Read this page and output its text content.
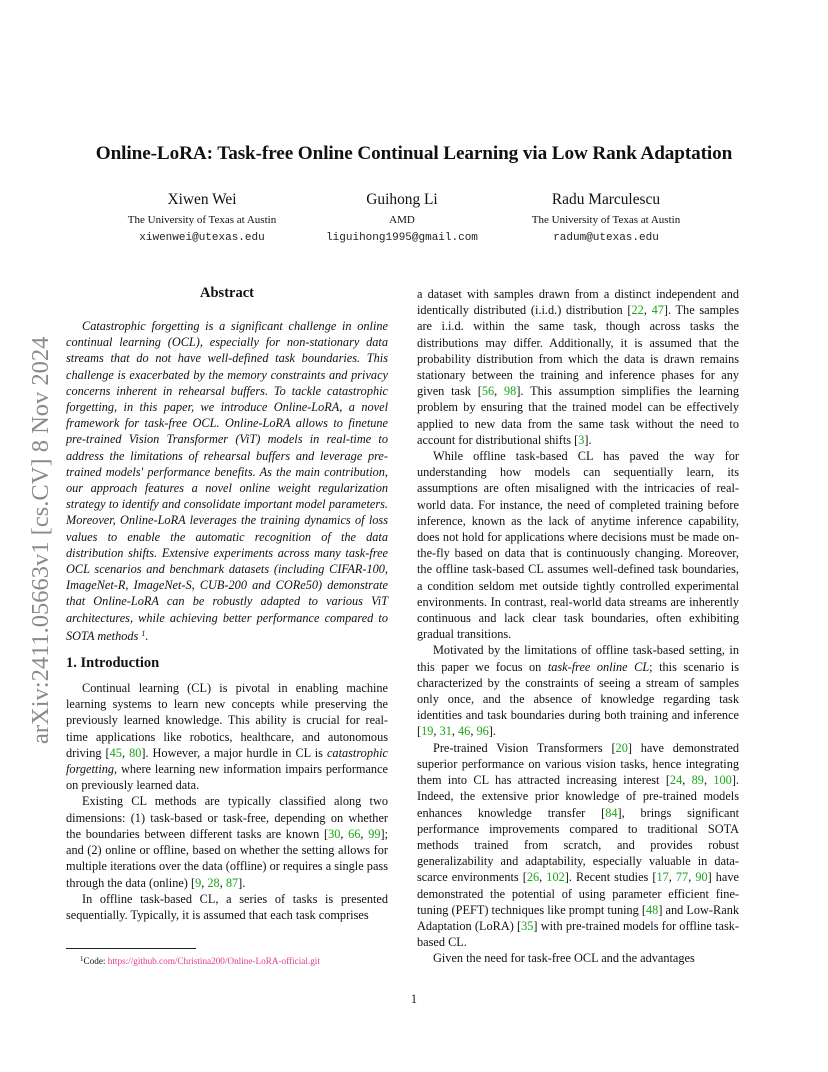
arXiv:2411.05663v1 [cs.CV] 8 Nov 2024
Online-LoRA: Task-free Online Continual Learning via Low Rank Adaptation
Xiwen Wei
The University of Texas at Austin
xiwenwei@utexas.edu
Guihong Li
AMD
liguihong1995@gmail.com
Radu Marculescu
The University of Texas at Austin
radum@utexas.edu
Abstract

Catastrophic forgetting is a significant challenge in online continual learning (OCL), especially for non-stationary data streams that do not have well-defined task boundaries. This challenge is exacerbated by the memory constraints and privacy concerns inherent in rehearsal buffers. To tackle catastrophic forgetting, in this paper, we introduce Online-LoRA, a novel framework for task-free OCL. Online-LoRA allows to finetune pre-trained Vision Transformer (ViT) models in real-time to address the limitations of rehearsal buffers and leverage pre-trained models' performance benefits. As the main contribution, our approach features a novel online weight regularization strategy to identify and consolidate important model parameters. Moreover, Online-LoRA leverages the training dynamics of loss values to enable the automatic recognition of the data distribution shifts. Extensive experiments across many task-free OCL scenarios and benchmark datasets (including CIFAR-100, ImageNet-R, ImageNet-S, CUB-200 and CORe50) demonstrate that Online-LoRA can be robustly adapted to various ViT architectures, while achieving better performance compared to SOTA methods $^1$.

1. Introduction

Continual learning (CL) is pivotal in enabling machine learning systems to learn new concepts while preserving the previously learned knowledge. This ability is crucial for real-time applications like robotics, healthcare, and autonomous driving [45, 80]. However, a major hurdle in CL is catastrophic forgetting, where learning new information impairs performance on previously learned data.

Existing CL methods are typically classified along two dimensions: (1) task-based or task-free, depending on whether the boundaries between different tasks are known [30, 66, 99]; and (2) online or offline, based on whether the setting allows for multiple iterations over the data (offline) or requires a single pass through the data (online) [9, 28, 87].

In offline task-based CL, a series of tasks is presented sequentially. Typically, it is assumed that each task comprises

a dataset with samples drawn from a distinct independent and identically distributed (i.i.d.) distribution [22, 47]. The samples are i.i.d. within the same task, though across tasks the distributions may differ. Additionally, it is assumed that the probability distribution from which the data is drawn remains stationary between the training and inference phases for any given task [56, 98]. This assumption simplifies the learning problem by ensuring that the trained model can be effectively applied to new data from the same task without the need to account for distributional shifts [3].

While offline task-based CL has paved the way for understanding how models can sequentially learn, its assumptions are often misaligned with the intricacies of real-world data. For instance, the need of completed training before inference, known as the lack of anytime inference capability, does not hold for applications where decisions must be made on-the-fly based on data that is continuously changing. Moreover, the offline task-based CL assumes well-defined task boundaries, a condition seldom met outside tightly controlled experimental environments. In contrast, real-world data streams are inherently continuous and lack clear task boundaries, often exhibiting gradual transitions.

Motivated by the limitations of offline task-based setting, in this paper we focus on task-free online CL; this scenario is characterized by the constraints of seeing a stream of samples only once, and the absence of knowledge regarding task identities and task boundaries during both training and inference [19, 31, 46, 96].

Pre-trained Vision Transformers [20] have demonstrated superior performance on various vision tasks, hence integrating them into CL has attracted increasing interest [24, 89, 100]. Indeed, the extensive prior knowledge of pre-trained models enhances knowledge transfer [84], brings significant performance improvements compared to traditional SOTA methods trained from scratch, and provides robust generalizability and adaptability, especially valuable in data-scarce environments [26, 102]. Recent studies [17, 77, 90] have demonstrated the potential of using parameter efficient fine-tuning (PEFT) techniques like prompt tuning [48] and Low-Rank Adaptation (LoRA) [35] with pre-trained models for offline task-based CL.

Given the need for task-free OCL and the advantages

$^1$Code: https://github.com/Christina200/Online-LoRA-official.git
1
